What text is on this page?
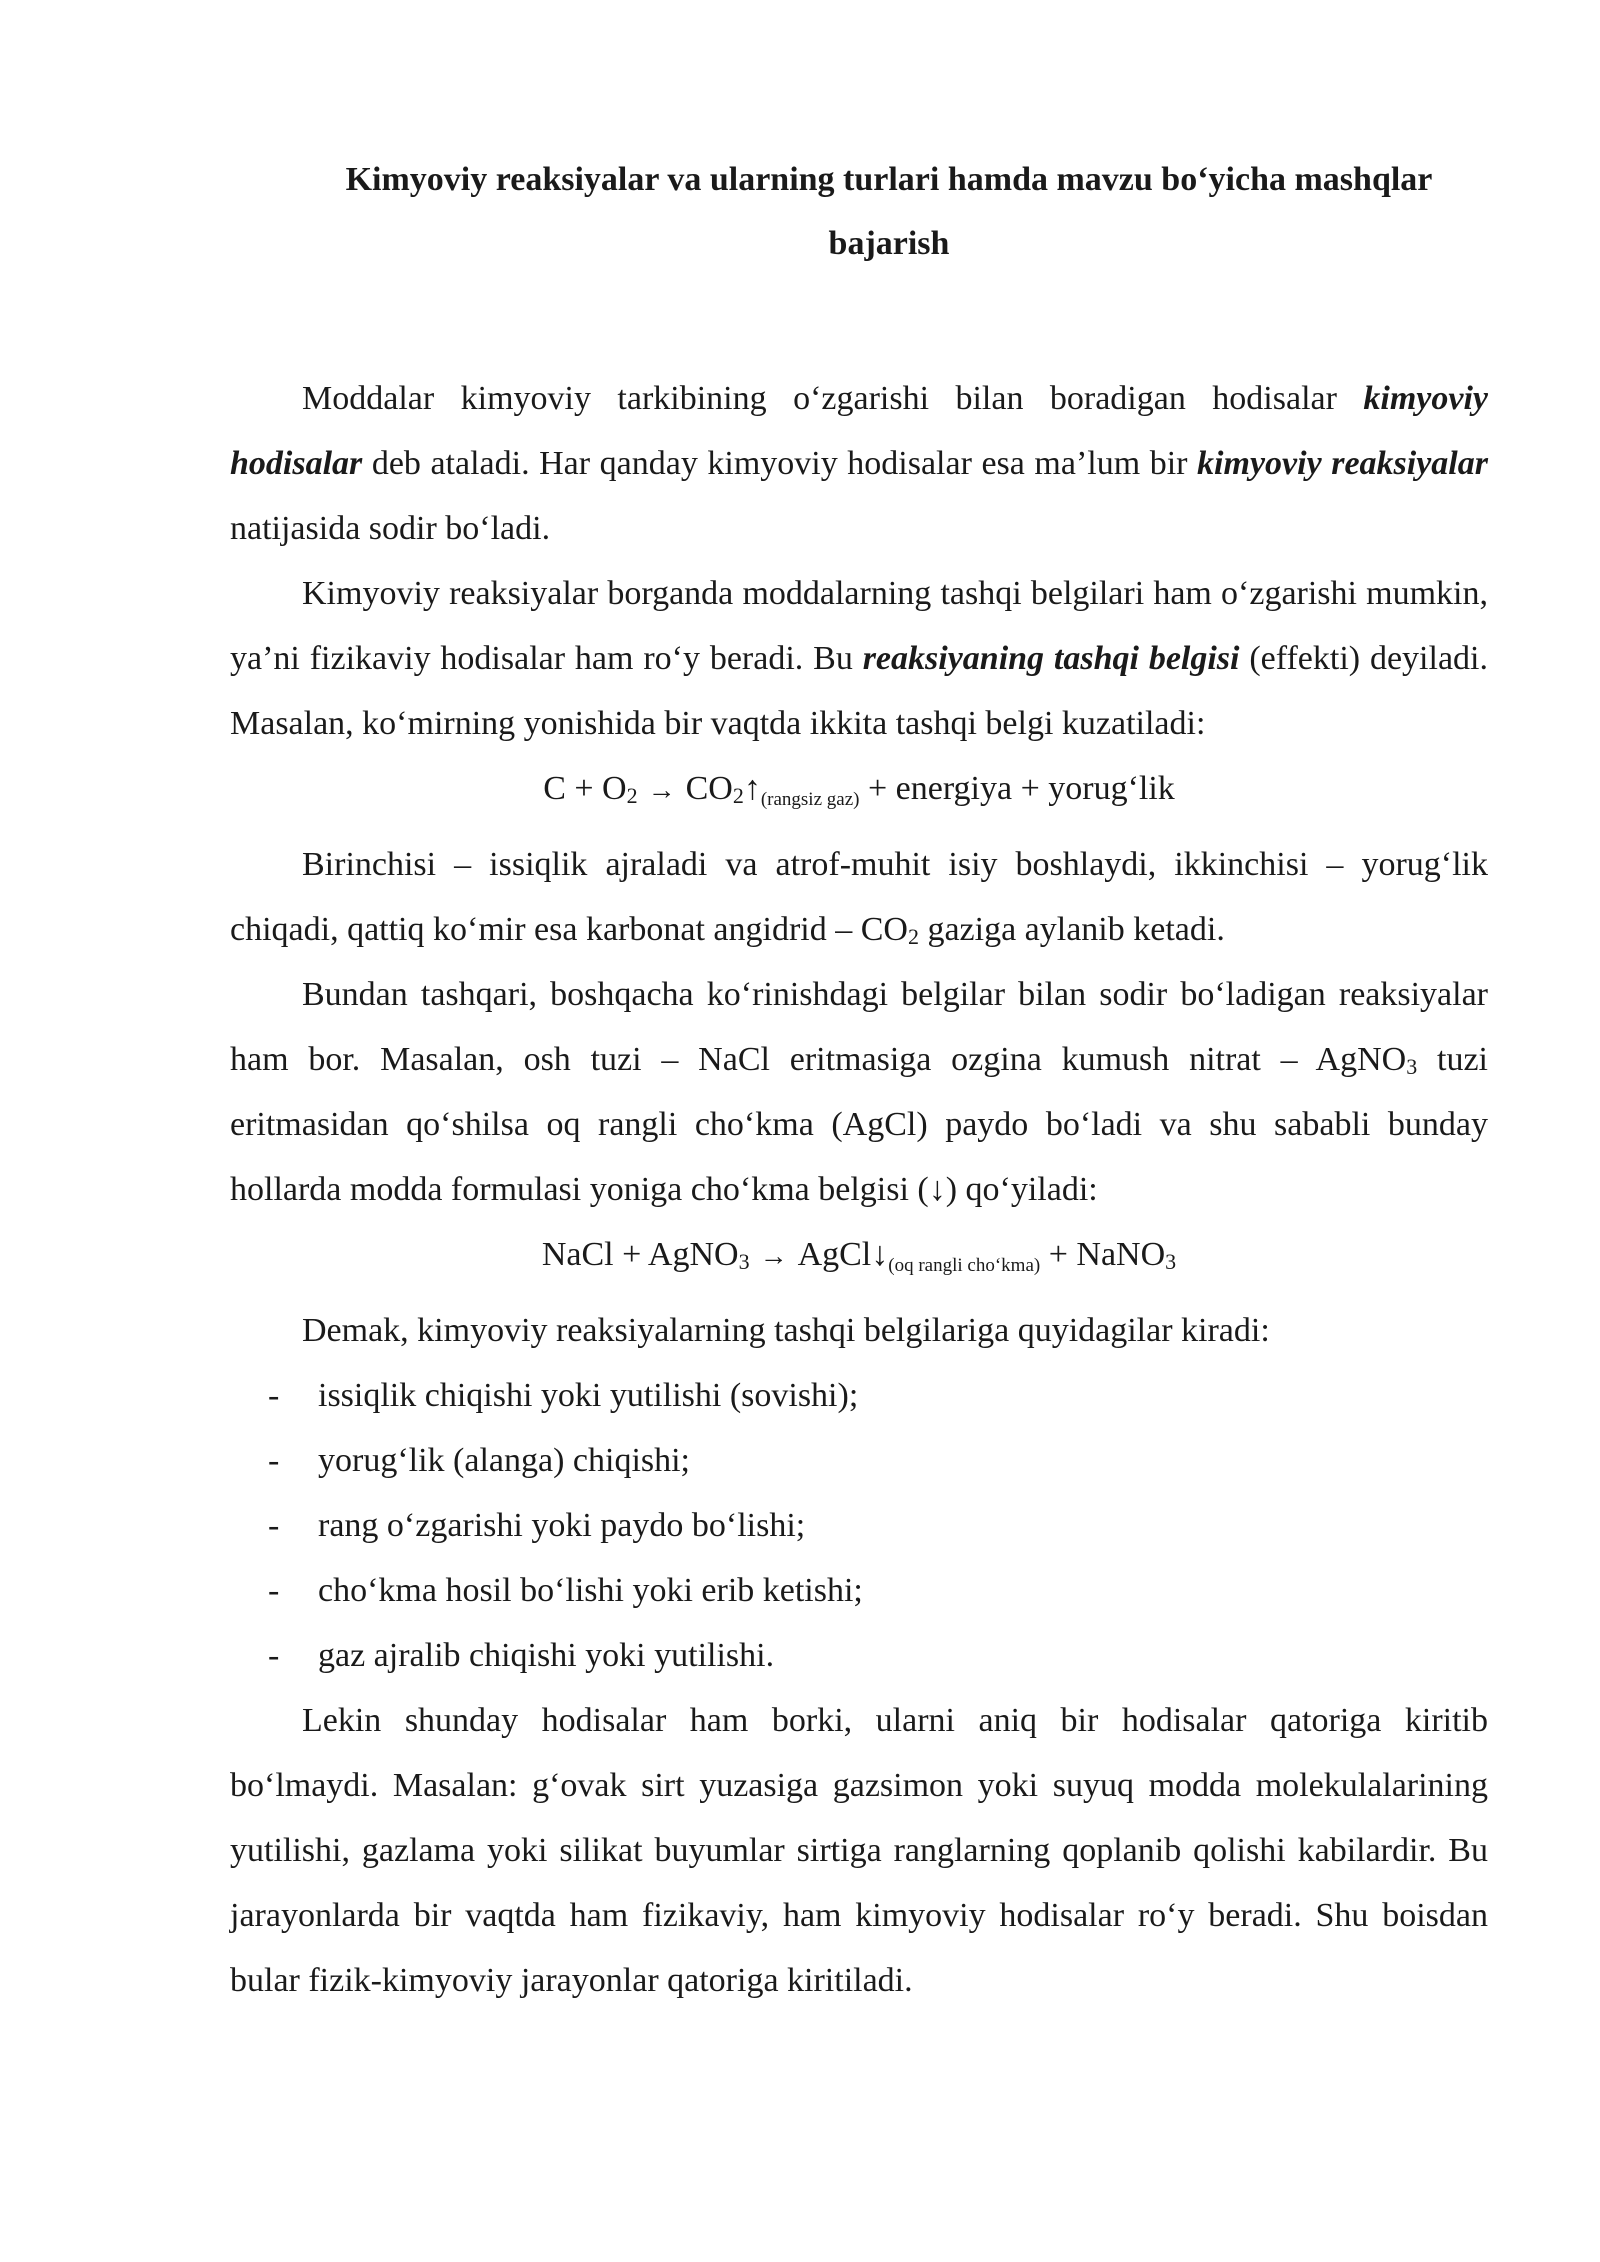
Kimyoviy reaksiyalar va ularning turlari hamda mavzu bo‘yicha mashqlar
bajarish

Moddalar kimyoviy tarkibining o‘zgarishi bilan boradigan hodisalar kimyoviy hodisalar deb ataladi. Har qanday kimyoviy hodisalar esa ma’lum bir kimyoviy reaksiyalar natijasida sodir bo‘ladi.

Kimyoviy reaksiyalar borganda moddalarning tashqi belgilari ham o‘zgarishi mumkin, ya’ni fizikaviy hodisalar ham ro‘y beradi. Bu reaksiyaning tashqi belgisi (effekti) deyiladi. Masalan, ko‘mirning yonishida bir vaqtda ikkita tashqi belgi kuzatiladi:

$C + O_2$ → $CO_2↑(rangsiz$ gaz) + energiya + yorug‘lik

Birinchisi – issiqlik ajraladi va atrof-muhit isiy boshlaydi, ikkinchisi – yorug‘lik chiqadi, qattiq ko‘mir esa karbonat angidrid – $CO_2$ gaziga aylanib ketadi.

Bundan tashqari, boshqacha ko‘rinishdagi belgilar bilan sodir bo‘ladigan reaksiyalar ham bor. Masalan, osh tuzi – NaCl eritmasiga ozgina kumush nitrat – AgNO$_3$ tuzi eritmasidan qo‘shilsa oq rangli cho‘kma (AgCl) paydo bo‘ladi va shu sababli bunday hollarda modda formulasi yoniga cho‘kma belgisi (↓) qo‘yiladi:

NaCl + AgNO$_3$ → AgCl↓(oq rangli cho‘kma) + NaNO$_3$

Demak, kimyoviy reaksiyalarning tashqi belgilariga quyidagilar kiradi:

- issiqlik chiqishi yoki yutilishi (sovishi);
- yorug‘lik (alanga) chiqishi;
- rang o‘zgarishi yoki paydo bo‘lishi;
- cho‘kma hosil bo‘lishi yoki erib ketishi;
- gaz ajralib chiqishi yoki yutilishi.

Lekin shunday hodisalar ham borki, ularni aniq bir hodisalar qatoriga kiritib bo‘lmaydi. Masalan: g‘ovak sirt yuzasiga gazsimon yoki suyuq modda molekulalarining yutilishi, gazlama yoki silikat buyumlar sirtiga ranglarning qoplanib qolishi kabilardir. Bu jarayonlarda bir vaqtda ham fizikaviy, ham kimyoviy hodisalar ro‘y beradi. Shu boisdan bular fizik-kimyoviy jarayonlar qatoriga kiritiladi.
